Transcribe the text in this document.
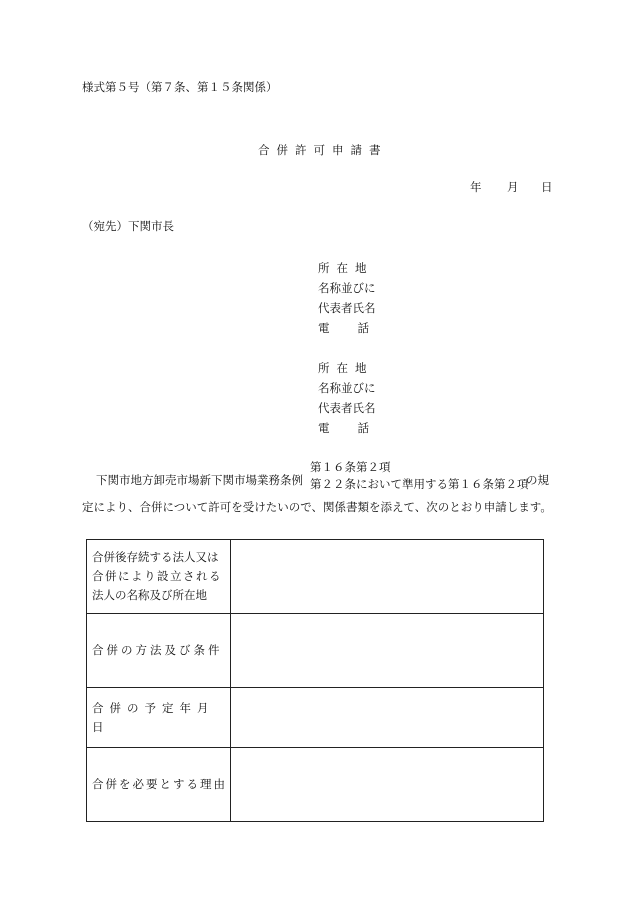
様式第５号（第７条、第１５条関係）
合併許可申請書
年 月 日
（宛先）下関市長
所在地
名称並びに
代表者氏名
電話
所在地
名称並びに
代表者氏名
電話
下関市地方卸売市場新下関市場業務条例
第１６条第２項
第２２条において準用する第１６条第２項
の規
定により、合併について許可を受けたいので、関係書類を添えて、次のとおり申請します。
合併後存続する法人又は
合併により設立される
法人の名称及び所在地	

合併の方法及び条件	
合併の予定年月日	
合併を必要とする理由	
